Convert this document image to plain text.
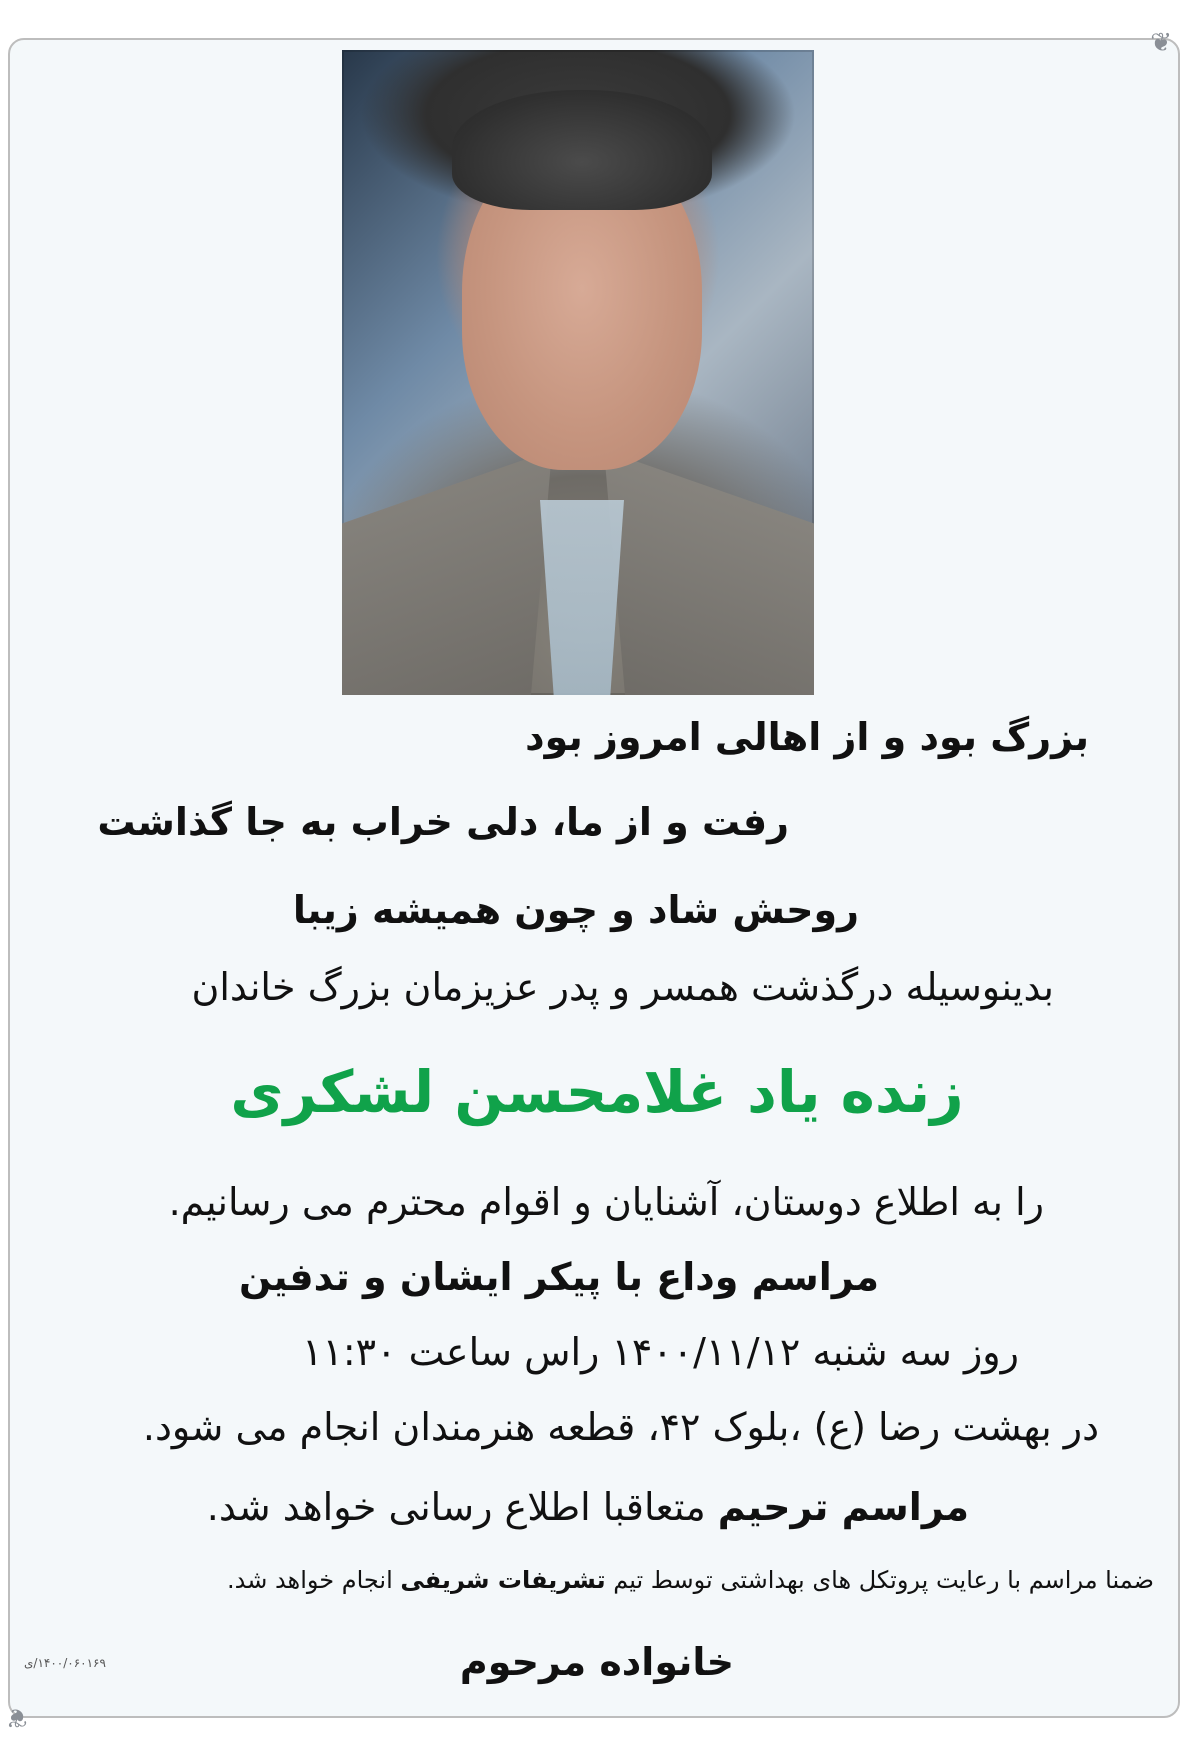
❦
❦
بزرگ بود و از اهالی امروز بود
رفت و از ما، دلی خراب به جا گذاشت
روحش شاد و چون همیشه زیبا
بدینوسیله درگذشت همسر و پدر عزیزمان بزرگ خاندان
زنده یاد غلامحسن لشکری
را به اطلاع دوستان، آشنایان و اقوام محترم می رسانیم.
مراسم وداع با پیکر ایشان و تدفین
روز سه شنبه ۱۴۰۰/۱۱/۱۲ راس ساعت ۱۱:۳۰
در بهشت رضا (ع) ،بلوک ۴۲، قطعه هنرمندان انجام می شود.
مراسم ترحیم متعاقبا اطلاع رسانی خواهد شد.
ضمنا مراسم با رعایت پروتکل های بهداشتی توسط تیم تشریفات شریفی انجام خواهد شد.
خانواده مرحوم
۱۴۰۰/۰۶۰۱۶۹/ی
